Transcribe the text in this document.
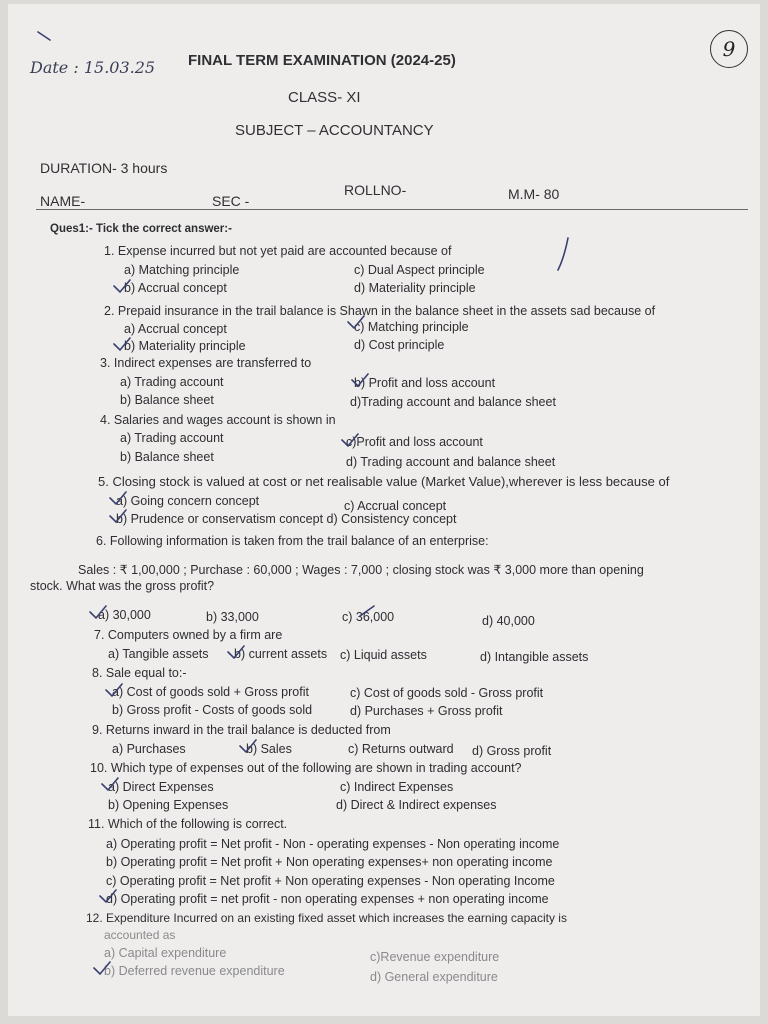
Date : 15.03.25
9
FINAL TERM EXAMINATION (2024-25)
CLASS- XI
SUBJECT – ACCOUNTANCY
DURATION- 3 hours
NAME-	SEC -
ROLLNO-	M.M- 80
Ques1:- Tick the correct answer:-
1. Expense incurred but not yet paid are accounted because of
a) Matching principle	c) Dual Aspect principle
b) Accrual concept	d) Materiality principle
2. Prepaid insurance in the trail balance is Shawn in the balance sheet in the assets sad because of
a) Accrual concept	c) Matching principle
b) Materiality principle	d) Cost principle
3. Indirect expenses are transferred to
a) Trading account	b) Profit and loss account
b) Balance sheet	d)Trading account and balance sheet
4. Salaries and wages account is shown in
a) Trading account	c)Profit and loss account
b) Balance sheet	d) Trading account and balance sheet
5. Closing stock is valued at cost or net realisable value (Market Value),wherever is less because of
a) Going concern concept	c) Accrual concept
b) Prudence or conservatism concept d) Consistency concept
6. Following information is taken from the trail balance of an enterprise:
Sales : ₹ 1,00,000 ; Purchase : 60,000 ; Wages : 7,000 ; closing stock was ₹ 3,000 more than opening
stock. What was the gross profit?
a) 30,000	b) 33,000	c) 36,000	d) 40,000
7. Computers owned by a firm are
a) Tangible assets b) current assets c) Liquid assets	d) Intangible assets
8. Sale equal to:-
a) Cost of goods sold + Gross profit	c) Cost of goods sold - Gross profit
b) Gross profit - Costs of goods sold	d) Purchases + Gross profit
9. Returns inward in the trail balance is deducted from
a) Purchases	b) Sales	c) Returns outward d) Gross profit
10. Which type of expenses out of the following are shown in trading account?
a) Direct Expenses	c) Indirect Expenses
b) Opening Expenses	d) Direct & Indirect expenses
11. Which of the following is correct.
a) Operating profit = Net profit - Non - operating expenses - Non operating income
b) Operating profit = Net profit + Non operating expenses+ non operating income
c) Operating profit = Net profit + Non operating expenses - Non operating Income
d) Operating profit = net profit - non operating expenses + non operating income
12. Expenditure Incurred on an existing fixed asset which increases the earning capacity is
accounted as
a) Capital expenditure	c)Revenue expenditure
b) Deferred revenue expenditure	d) General expenditure
